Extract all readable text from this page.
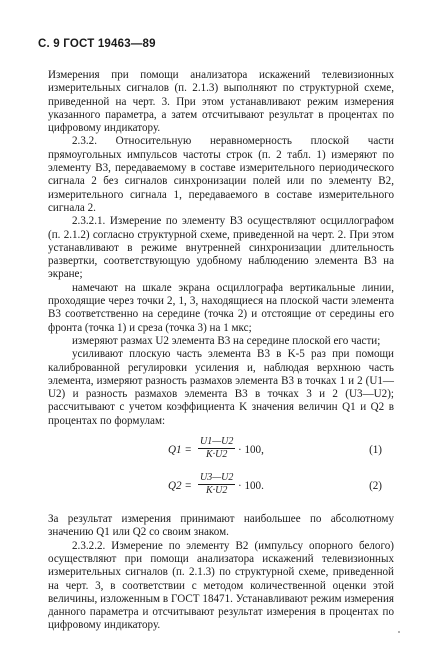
С. 9 ГОСТ 19463—89

Измерения при помощи анализатора искажений телевизионных измерительных сигналов (п. 2.1.3) выполняют по структурной схеме, приведенной на черт. 3. При этом устанавливают режим измерения указанного параметра, а затем отсчитывают результат в процентах по цифровому индикатору.

2.3.2. Относительную неравномерность плоской части прямоугольных импульсов частоты строк (п. 2 табл. 1) измеряют по элементу В3, передаваемому в составе измерительного периодического сигнала 2 без сигналов синхронизации полей или по элементу В2, измерительного сигнала 1, передаваемого в составе измерительного сигнала 2.

2.3.2.1. Измерение по элементу В3 осуществляют осциллографом (п. 2.1.2) согласно структурной схеме, приведенной на черт. 2. При этом устанавливают в режиме внутренней синхронизации длительность развертки, соответствующую удобному наблюдению элемента В3 на экране;

намечают на шкале экрана осциллографа вертикальные линии, проходящие через точки 2, 1, 3, находящиеся на плоской части элемента В3 соответственно на середине (точка 2) и отстоящие от середины его фронта (точка 1) и среза (точка 3) на 1 мкс;

измеряют размах U2 элемента В3 на середине плоской его части;

усиливают плоскую часть элемента В3 в K-5 раз при помощи калиброванной регулировки усиления и, наблюдая верхнюю часть элемента, измеряют разность размахов элемента В3 в точках 1 и 2 (U1—U2) и разность размахов элемента В3 в точках 3 и 2 (U3—U2); рассчитывают с учетом коэффициента K значения величин Q1 и Q2 в процентах по формулам:

$Q1 = \frac{U1—U2}{K\cdot U2} \cdot 100$,	(1)
$Q2 = \frac{U3—U2}{K\cdot U2} \cdot 100$.	(2)

За результат измерения принимают наибольшее по абсолютному значению Q1 или Q2 со своим знаком.

2.3.2.2. Измерение по элементу В2 (импульсу опорного белого) осуществляют при помощи анализатора искажений телевизионных измерительных сигналов (п. 2.1.3) по структурной схеме, приведенной на черт. 3, в соответствии с методом количественной оценки этой величины, изложенным в ГОСТ 18471. Устанавливают режим измерения данного параметра и отсчитывают результат измерения в процентах по цифровому индикатору.
